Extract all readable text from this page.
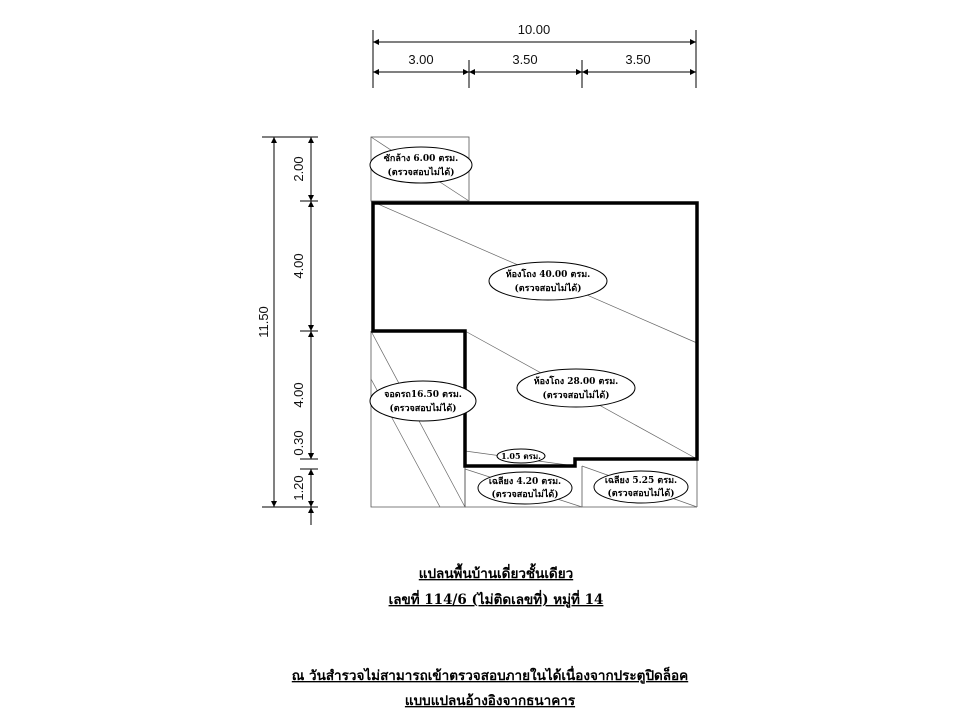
10.00
3.00	3.50	3.50
11.50
2.00
4.00
4.00
0.30
1.20
ซักล้าง 6.00 ตรม.
(ตรวจสอบไม่ได้)
ห้องโถง 40.00 ตรม.
(ตรวจสอบไม่ได้)
ห้องโถง 28.00 ตรม.
(ตรวจสอบไม่ได้)
จอดรถ16.50 ตรม.
(ตรวจสอบไม่ได้)
1.05 ตรม.
เฉลียง 4.20 ตรม.
(ตรวจสอบไม่ได้)
เฉลียง 5.25 ตรม.
(ตรวจสอบไม่ได้)
แปลนพื้นบ้านเดี่ยวชั้นเดียว
เลขที่ 114/6 (ไม่ติดเลขที่) หมู่ที่ 14
ณ วันสำรวจไม่สามารถเข้าตรวจสอบภายในได้เนื่องจากประตูปิดล็อค
แบบแปลนอ้างอิงจากธนาคาร
